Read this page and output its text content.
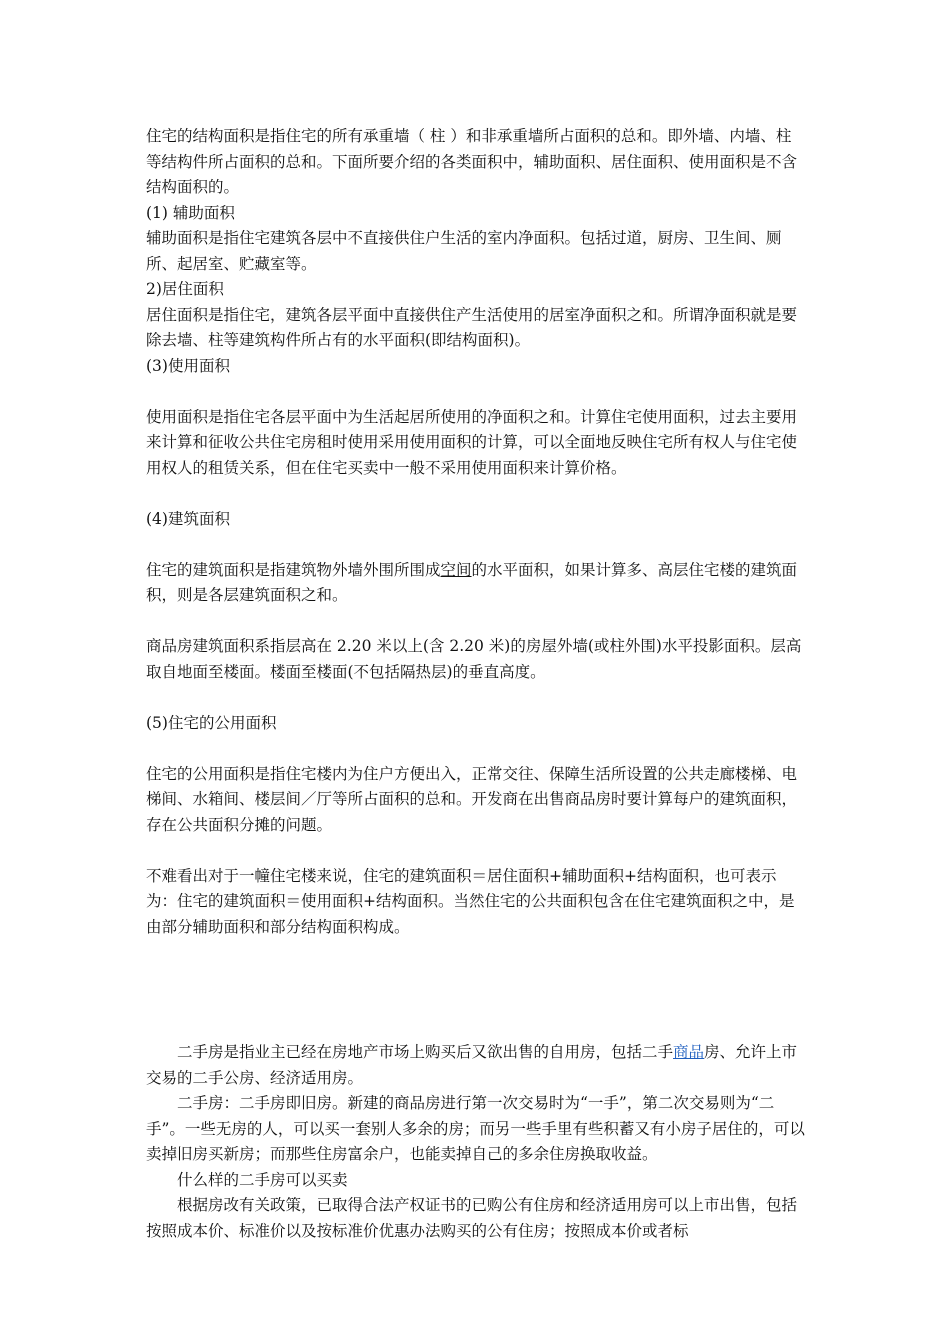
住宅的结构面积是指住宅的所有承重墙（ 柱 ）和非承重墙所占面积的总和。即外墙、内墙、柱等结构件所占面积的总和。下面所要介绍的各类面积中，辅助面积、居住面积、使用面积是不含结构面积的。

(1) 辅助面积

辅助面积是指住宅建筑各层中不直接供住户生活的室内净面积。包括过道，厨房、卫生间、厕所、起居室、贮藏室等。

2)居住面积

居住面积是指住宅，建筑各层平面中直接供住产生活使用的居室净面积之和。所谓净面积就是要除去墙、柱等建筑构件所占有的水平面积(即结构面积)。

(3)使用面积

使用面积是指住宅各层平面中为生活起居所使用的净面积之和。计算住宅使用面积，过去主要用来计算和征收公共住宅房租时使用采用使用面积的计算，可以全面地反映住宅所有权人与住宅使用权人的租赁关系，但在住宅买卖中一般不采用使用面积来计算价格。

(4)建筑面积

住宅的建筑面积是指建筑物外墙外围所围成空间的水平面积，如果计算多、高层住宅楼的建筑面积，则是各层建筑面积之和。

商品房建筑面积系指层高在 2.20 米以上(含 2.20 米)的房屋外墙(或柱外围)水平投影面积。层高取自地面至楼面。楼面至楼面(不包括隔热层)的垂直高度。

(5)住宅的公用面积

住宅的公用面积是指住宅楼内为住户方便出入，正常交往、保障生活所设置的公共走廊楼梯、电梯间、水箱间、楼层间／厅等所占面积的总和。开发商在出售商品房时要计算每户的建筑面积，存在公共面积分摊的问题。

不难看出对于一幢住宅楼来说，住宅的建筑面积＝居住面积+辅助面积+结构面积，也可表示为：住宅的建筑面积＝使用面积+结构面积。当然住宅的公共面积包含在住宅建筑面积之中，是由部分辅助面积和部分结构面积构成。

二手房是指业主已经在房地产市场上购买后又欲出售的自用房，包括二手商品房、允许上市交易的二手公房、经济适用房。

二手房：二手房即旧房。新建的商品房进行第一次交易时为“一手”，第二次交易则为“二手”。一些无房的人，可以买一套别人多余的房；而另一些手里有些积蓄又有小房子居住的，可以卖掉旧房买新房；而那些住房富余户，也能卖掉自己的多余住房换取收益。

什么样的二手房可以买卖

根据房改有关政策，已取得合法产权证书的已购公有住房和经济适用房可以上市出售，包括按照成本价、标准价以及按标准价优惠办法购买的公有住房；按照成本价或者标
